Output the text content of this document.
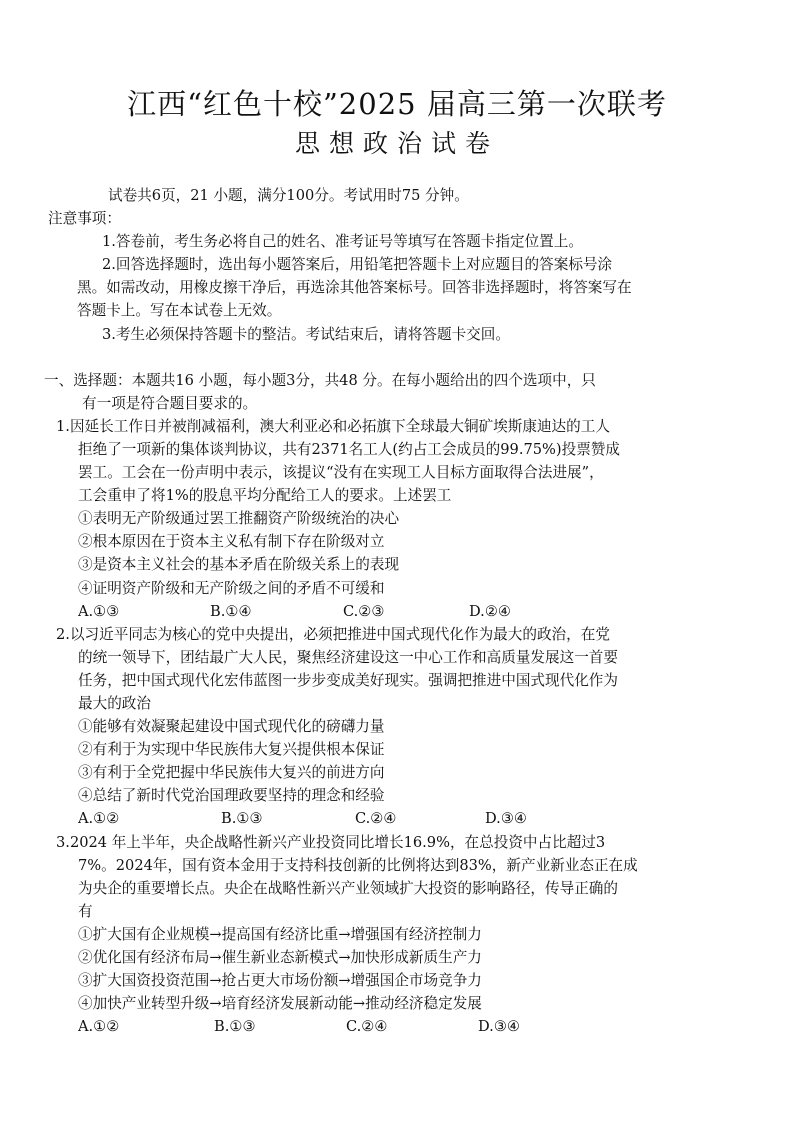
江西“红色十校”2025 届高三第一次联考
思想政治试卷
试卷共6页，21 小题，满分100分。考试用时75 分钟。
注意事项：
1.答卷前，考生务必将自己的姓名、准考证号等填写在答题卡指定位置上。
2.回答选择题时，选出每小题答案后，用铅笔把答题卡上对应题目的答案标号涂
黑。如需改动，用橡皮擦干净后，再选涂其他答案标号。回答非选择题时，将答案写在
答题卡上。写在本试卷上无效。
3.考生必须保持答题卡的整洁。考试结束后，请将答题卡交回。
一、选择题：本题共16 小题，每小题3分，共48 分。在每小题给出的四个选项中，只
有一项是符合题目要求的。
1.因延长工作日并被削减福利，澳大利亚必和必拓旗下全球最大铜矿埃斯康迪达的工人
拒绝了一项新的集体谈判协议，共有2371名工人(约占工会成员的99.75%)投票赞成
罢工。工会在一份声明中表示，该提议“没有在实现工人目标方面取得合法进展”，
工会重申了将1%的股息平均分配给工人的要求。上述罢工
①表明无产阶级通过罢工推翻资产阶级统治的决心
②根本原因在于资本主义私有制下存在阶级对立
③是资本主义社会的基本矛盾在阶级关系上的表现
④证明资产阶级和无产阶级之间的矛盾不可缓和
A.①③	B.①④	C.②③	D.②④
2.以习近平同志为核心的党中央提出，必须把推进中国式现代化作为最大的政治，在党
的统一领导下，团结最广大人民，聚焦经济建设这一中心工作和高质量发展这一首要
任务，把中国式现代化宏伟蓝图一步步变成美好现实。强调把推进中国式现代化作为
最大的政治
①能够有效凝聚起建设中国式现代化的磅礴力量
②有利于为实现中华民族伟大复兴提供根本保证
③有利于全党把握中华民族伟大复兴的前进方向
④总结了新时代党治国理政要坚持的理念和经验
A.①②	B.①③	C.②④	D.③④
3.2024 年上半年，央企战略性新兴产业投资同比增长16.9%，在总投资中占比超过3
7%。2024年，国有资本金用于支持科技创新的比例将达到83%，新产业新业态正在成
为央企的重要增长点。央企在战略性新兴产业领域扩大投资的影响路径，传导正确的
有
①扩大国有企业规模→提高国有经济比重→增强国有经济控制力
②优化国有经济布局→催生新业态新模式→加快形成新质生产力
③扩大国资投资范围→抢占更大市场份额→增强国企市场竞争力
④加快产业转型升级→培育经济发展新动能→推动经济稳定发展
A.①②	B.①③	C.②④	D.③④
